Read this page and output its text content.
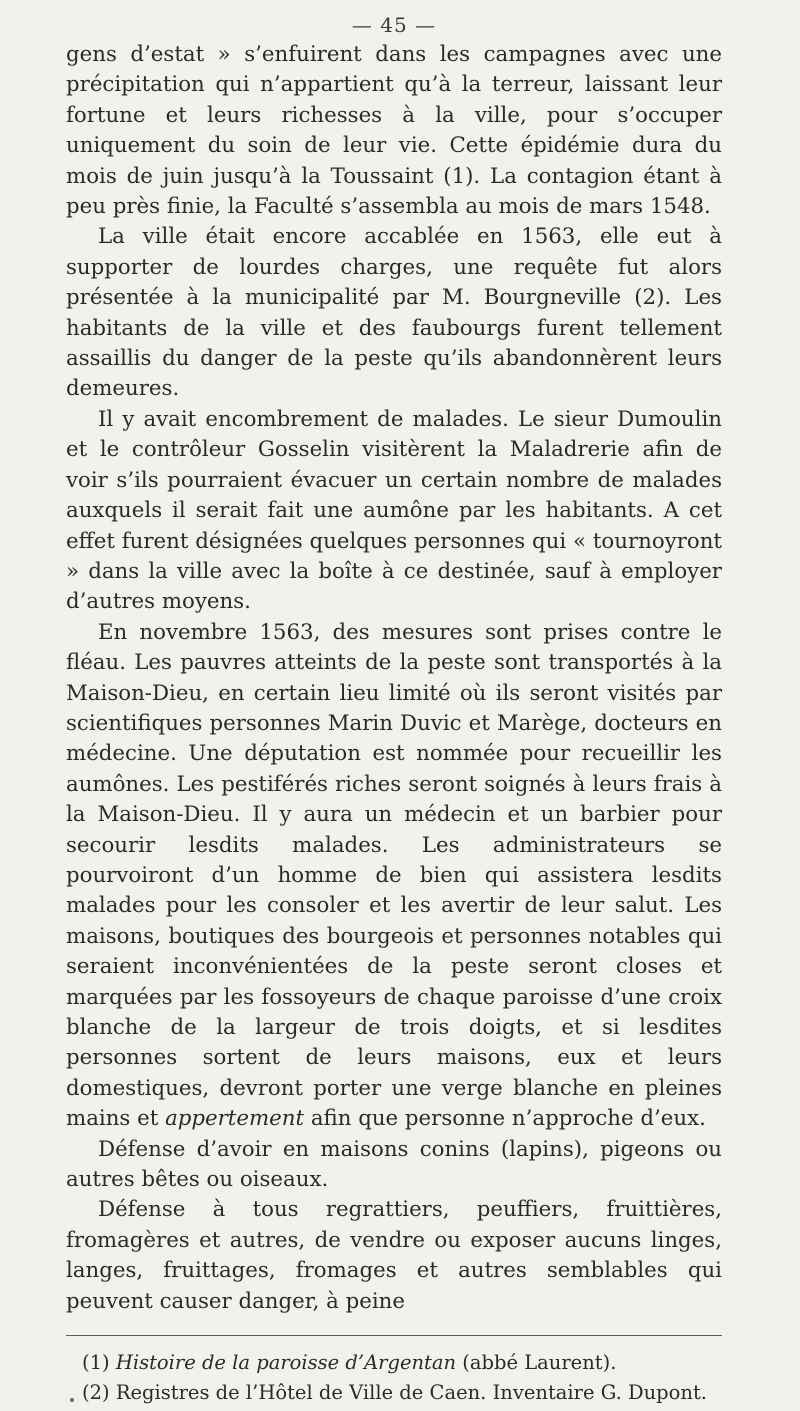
— 45 —

gens d’estat » s’enfuirent dans les campagnes avec une précipitation qui n’appartient qu’à la terreur, laissant leur fortune et leurs richesses à la ville, pour s’occuper uniquement du soin de leur vie. Cette épidémie dura du mois de juin jusqu’à la Toussaint (1). La contagion étant à peu près finie, la Faculté s’assembla au mois de mars 1548.

La ville était encore accablée en 1563, elle eut à supporter de lourdes charges, une requête fut alors présentée à la municipalité par M. Bourgneville (2). Les habitants de la ville et des faubourgs furent tellement assaillis du danger de la peste qu’ils abandonnèrent leurs demeures.

Il y avait encombrement de malades. Le sieur Dumoulin et le contrôleur Gosselin visitèrent la Maladrerie afin de voir s’ils pourraient évacuer un certain nombre de malades auxquels il serait fait une aumône par les habitants. A cet effet furent désignées quelques personnes qui « tournoyront » dans la ville avec la boîte à ce destinée, sauf à employer d’autres moyens.

En novembre 1563, des mesures sont prises contre le fléau. Les pauvres atteints de la peste sont transportés à la Maison-Dieu, en certain lieu limité où ils seront visités par scientifiques personnes Marin Duvic et Marège, docteurs en médecine. Une députation est nommée pour recueillir les aumônes. Les pestiférés riches seront soignés à leurs frais à la Maison-Dieu. Il y aura un médecin et un barbier pour secourir lesdits malades. Les administrateurs se pourvoiront d’un homme de bien qui assistera lesdits malades pour les consoler et les avertir de leur salut. Les maisons, boutiques des bourgeois et personnes notables qui seraient inconvénientées de la peste seront closes et marquées par les fossoyeurs de chaque paroisse d’une croix blanche de la largeur de trois doigts, et si lesdites personnes sortent de leurs maisons, eux et leurs domestiques, devront porter une verge blanche en pleines mains et appertement afin que personne n’approche d’eux.

Défense d’avoir en maisons conins (lapins), pigeons ou autres bêtes ou oiseaux.

Défense à tous regrattiers, peuffiers, fruittières, fromagères et autres, de vendre ou exposer aucuns linges, langes, fruittages, fromages et autres semblables qui peuvent causer danger, à peine

(1) Histoire de la paroisse d’Argentan (abbé Laurent).

(2) Registres de l’Hôtel de Ville de Caen. Inventaire G. Dupont.
